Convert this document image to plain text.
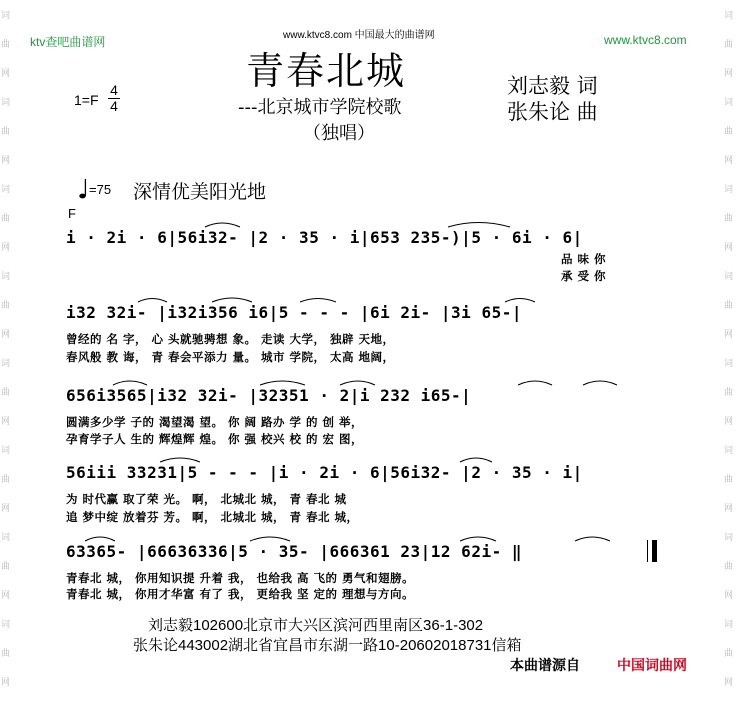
词
曲
网
词
曲
网
词
曲
网
词
曲
网
词
曲
网
词
曲
网
词
曲
网
词
曲
网
词
曲
网
词
曲
网
词
曲
网
词
曲
网
词
曲
网
词
曲
网
词
曲
网
词
曲
网
ktv查吧曲谱网	www.ktvc8.com
www.ktvc8.com 中国最大的曲谱网
青春北城
---北京城市学院校歌
（独唱）
1=F
4
4
刘志毅 词
张朱论 曲
=75 深情优美阳光地
F
i · 2i · 6|56i32- |2 · 35 · i|653 235-)|5 · 6i · 6|
品 味 你
承 受 你
i32 32i- |i32i356 i6|5 - - - |6i 2i- |3i 65-|
曾经的 名 字， 心 头就驰骋想 象。 走读 大学， 独辟 天地，
春风般 教 诲， 青 春会平添力 量。 城市 学院， 太高 地阔，
656i3565|i32 32i- |32351 · 2|i 232 i65-|
圆满多少学 子的 渴望渴 望。 你 阔 路办 学 的 创 举，
孕育学子人 生的 辉煌辉 煌。 你 强 校兴 校 的 宏 图，
56iii 33231|5 - - - |i · 2i · 6|56i32- |2 · 35 · i|
为 时代赢 取了荣 光。 啊， 北城北 城， 青 春北 城
追 梦中绽 放着芬 芳。 啊， 北城北 城， 青 春北 城，
63365- |66636336|5 · 35- |666361 23|12 62i- ‖
青春北 城， 你用知识提 升着 我， 也给我 高 飞的 勇气和翅膀。
青春北 城， 你用才华富 有了 我， 更给我 坚 定的 理想与方向。
刘志毅102600北京市大兴区滨河西里南区36-1-302
张朱论443002湖北省宜昌市东湖一路10-20602018731信箱
本曲谱源自	中国词曲网
